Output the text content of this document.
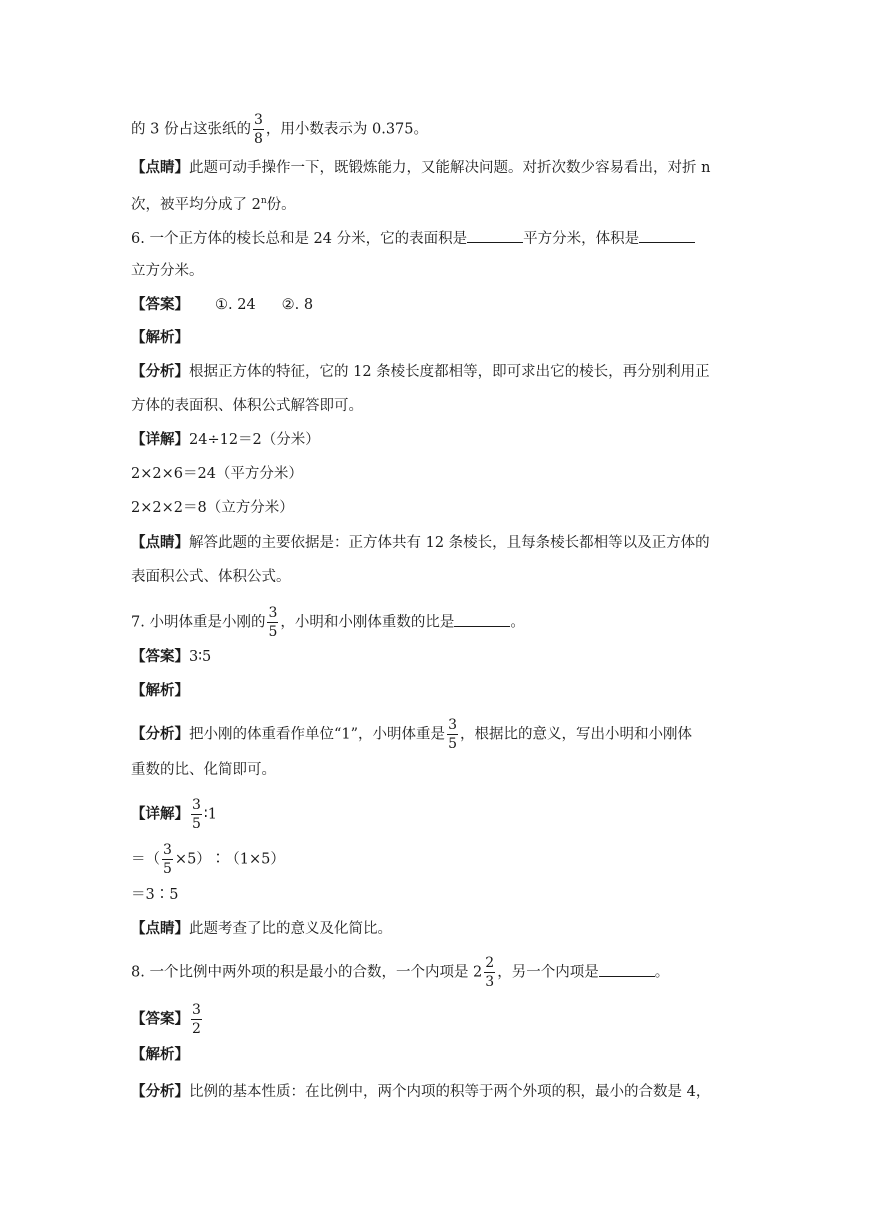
的 3 份占这张纸的 $\frac{3}{8}$ ，用小数表示为 0.375。
【点睛】此题可动手操作一下，既锻炼能力，又能解决问题。对折次数少容易看出，对折 n
次，被平均分成了 2$^n$份。
6. 一个正方体的棱长总和是 24 分米，它的表面积是	平方分米，体积是
立方分米。
【答案】 ①. 24 ②. 8
【解析】
【分析】根据正方体的特征，它的 12 条棱长度都相等，即可求出它的棱长，再分别利用正
方体的表面积、体积公式解答即可。
【详解】24÷12＝2（分米）
2×2×6＝24（平方分米）
2×2×2＝8（立方分米）
【点睛】解答此题的主要依据是：正方体共有 12 条棱长，且每条棱长都相等以及正方体的
表面积公式、体积公式。
7. 小明体重是小刚的 $\frac{3}{5}$ ，小明和小刚体重数的比是	。
【答案】3∶5
【解析】
【分析】把小刚的体重看作单位“1”，小明体重是 $\frac{3}{5}$ ，根据比的意义，写出小明和小刚体
重数的比、化简即可。
【详解】 $\frac{3}{5}$ ∶1
＝（ $\frac{3}{5}$ ×5）∶（1×5）
＝3∶5
【点睛】此题考查了比的意义及化简比。
8. 一个比例中两外项的积是最小的合数，一个内项是 $2 \frac{2}{3}$ ，另一个内项是	。
【答案】 $\frac{3}{2}$
【解析】
【分析】比例的基本性质：在比例中，两个内项的积等于两个外项的积，最小的合数是 4，
